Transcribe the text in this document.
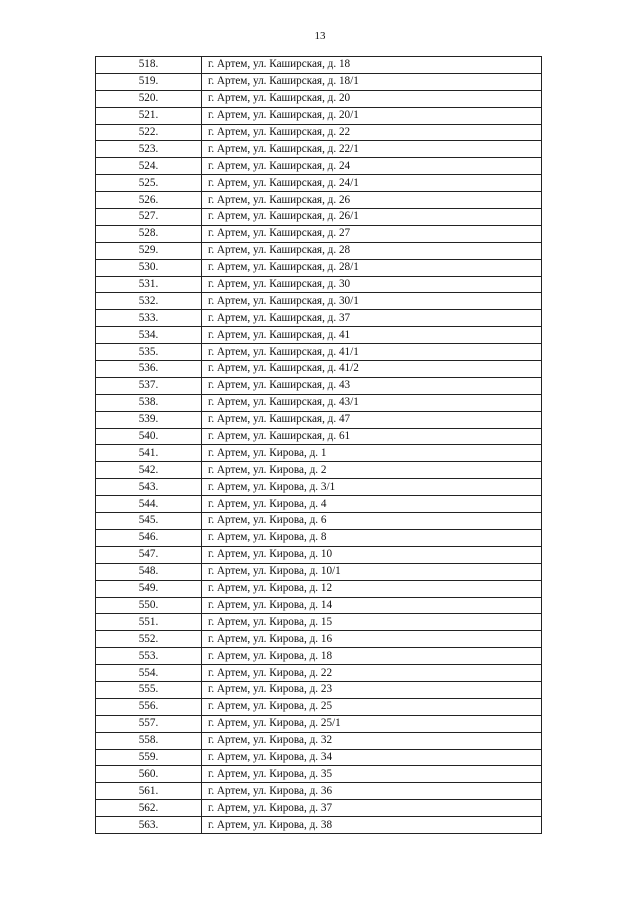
13
518.	г. Артем, ул. Каширская, д. 18
519.	г. Артем, ул. Каширская, д. 18/1
520.	г. Артем, ул. Каширская, д. 20
521.	г. Артем, ул. Каширская, д. 20/1
522.	г. Артем, ул. Каширская, д. 22
523.	г. Артем, ул. Каширская, д. 22/1
524.	г. Артем, ул. Каширская, д. 24
525.	г. Артем, ул. Каширская, д. 24/1
526.	г. Артем, ул. Каширская, д. 26
527.	г. Артем, ул. Каширская, д. 26/1
528.	г. Артем, ул. Каширская, д. 27
529.	г. Артем, ул. Каширская, д. 28
530.	г. Артем, ул. Каширская, д. 28/1
531.	г. Артем, ул. Каширская, д. 30
532.	г. Артем, ул. Каширская, д. 30/1
533.	г. Артем, ул. Каширская, д. 37
534.	г. Артем, ул. Каширская, д. 41
535.	г. Артем, ул. Каширская, д. 41/1
536.	г. Артем, ул. Каширская, д. 41/2
537.	г. Артем, ул. Каширская, д. 43
538.	г. Артем, ул. Каширская, д. 43/1
539.	г. Артем, ул. Каширская, д. 47
540.	г. Артем, ул. Каширская, д. 61
541.	г. Артем, ул. Кирова, д. 1
542.	г. Артем, ул. Кирова, д. 2
543.	г. Артем, ул. Кирова, д. 3/1
544.	г. Артем, ул. Кирова, д. 4
545.	г. Артем, ул. Кирова, д. 6
546.	г. Артем, ул. Кирова, д. 8
547.	г. Артем, ул. Кирова, д. 10
548.	г. Артем, ул. Кирова, д. 10/1
549.	г. Артем, ул. Кирова, д. 12
550.	г. Артем, ул. Кирова, д. 14
551.	г. Артем, ул. Кирова, д. 15
552.	г. Артем, ул. Кирова, д. 16
553.	г. Артем, ул. Кирова, д. 18
554.	г. Артем, ул. Кирова, д. 22
555.	г. Артем, ул. Кирова, д. 23
556.	г. Артем, ул. Кирова, д. 25
557.	г. Артем, ул. Кирова, д. 25/1
558.	г. Артем, ул. Кирова, д. 32
559.	г. Артем, ул. Кирова, д. 34
560.	г. Артем, ул. Кирова, д. 35
561.	г. Артем, ул. Кирова, д. 36
562.	г. Артем, ул. Кирова, д. 37
563.	г. Артем, ул. Кирова, д. 38
